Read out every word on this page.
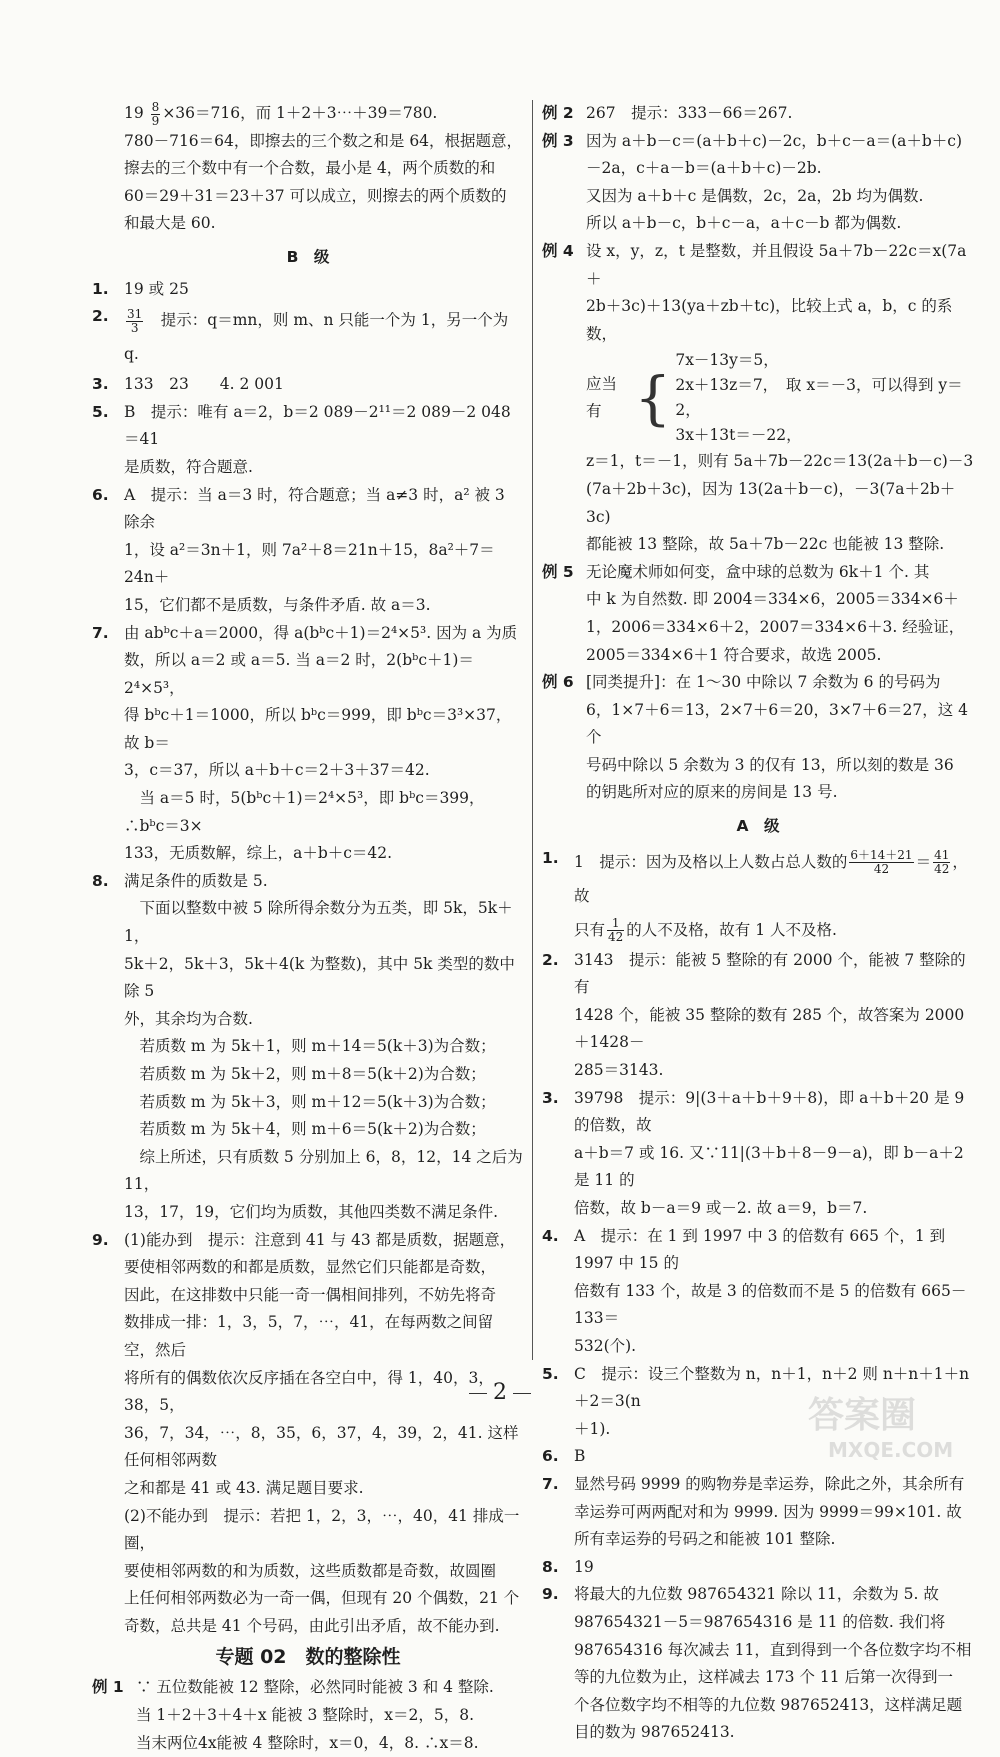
$19 \frac{8}{9} \times 36=716$，而 1＋2＋3⋯＋39＝780.

780－716＝64，即擦去的三个数之和是 64，根据题意，

擦去的三个数中有一个合数，最小是 4，两个质数的和

60＝29＋31＝23＋37 可以成立，则擦去的两个质数的

和最大是 60.

B　级

1. 19 或 25

2.	$\frac{31}{3}$
　 提示：q＝mn，则 m、n 只能一个为 1，另一个为 q.

3. 133　23　　4. 2 001

5. B　提示：唯有 a＝2，b＝2 089－2¹¹＝2 089－2 048＝41

是质数，符合题意.

6. A　提示：当 a＝3 时，符合题意；当 a≠3 时，a² 被 3 除余

1，设 a²＝3n＋1，则 7a²＋8＝21n＋15，8a²＋7＝24n＋

15，它们都不是质数，与条件矛盾. 故 a＝3.

7. 由 abᵇc＋a＝2000，得 a(bᵇc＋1)＝2⁴×5³. 因为 a 为质

数，所以 a＝2 或 a＝5. 当 a＝2 时，2(bᵇc＋1)＝2⁴×5³，

得 bᵇc＋1＝1000，所以 bᵇc＝999，即 bᵇc＝3³×37，故 b＝

3，c＝37，所以 a＋b＋c＝2＋3＋37＝42.

　当 a＝5 时，5(bᵇc＋1)＝2⁴×5³，即 bᵇc＝399，∴bᵇc＝3×

133，无质数解，综上，a＋b＋c＝42.

8. 满足条件的质数是 5.

　下面以整数中被 5 除所得余数分为五类，即 5k，5k＋1，

5k＋2，5k＋3，5k＋4(k 为整数)，其中 5k 类型的数中除 5

外，其余均为合数.

　若质数 m 为 5k＋1，则 m＋14＝5(k＋3)为合数；

　若质数 m 为 5k＋2，则 m＋8＝5(k＋2)为合数；

　若质数 m 为 5k＋3，则 m＋12＝5(k＋3)为合数；

　若质数 m 为 5k＋4，则 m＋6＝5(k＋2)为合数；

　综上所述，只有质数 5 分别加上 6，8，12，14 之后为 11，

13，17，19，它们均为质数，其他四类数不满足条件.

9. (1)能办到　提示：注意到 41 与 43 都是质数，据题意，

要使相邻两数的和都是质数，显然它们只能都是奇数，

因此，在这排数中只能一奇一偶相间排列，不妨先将奇

数排成一排：1，3，5，7，⋯，41，在每两数之间留空，然后

将所有的偶数依次反序插在各空白中，得 1，40，3，38，5，

36，7，34，⋯，8，35，6，37，4，39，2，41. 这样任何相邻两数

之和都是 41 或 43. 满足题目要求.

(2)不能办到　提示：若把 1，2，3，⋯，40，41 排成一圈，

要使相邻两数的和为质数，这些质数都是奇数，故圆圈

上任何相邻两数必为一奇一偶，但现有 20 个偶数，21 个

奇数，总共是 41 个号码，由此引出矛盾，故不能办到.

专题 02　数的整除性

例 1 ∵ 五位数能被 12 整除，必然同时能被 3 和 4 整除.

当 1＋2＋3＋4＋x 能被 3 整除时，x＝2，5，8.

当末两位4x能被 4 整除时，x＝0，4，8. ∴x＝8.

例 2 267　提示：333－66＝267.

例 3 因为 a＋b－c＝(a＋b＋c)－2c，b＋c－a＝(a＋b＋c)

－2a，c＋a－b＝(a＋b＋c)－2b.

又因为 a＋b＋c 是偶数，2c，2a，2b 均为偶数.

所以 a＋b－c，b＋c－a，a＋c－b 都为偶数.

例 4 设 x，y，z，t 是整数，并且假设 5a＋7b－22c＝x(7a＋

2b＋3c)＋13(ya＋zb＋tc)，比较上式 a，b，c 的系数，

应当有 {

7x－13y＝5，

2x＋13z＝7，　取 x＝－3，可以得到 y＝2，

3x＋13t＝－22，

z＝1，t＝－1，则有 5a＋7b－22c＝13(2a＋b－c)－3

(7a＋2b＋3c)，因为 13(2a＋b－c)，－3(7a＋2b＋3c)

都能被 13 整除，故 5a＋7b－22c 也能被 13 整除.

例 5 无论魔术师如何变，盒中球的总数为 6k＋1 个. 其

中 k 为自然数. 即 2004＝334×6，2005＝334×6＋

1，2006＝334×6＋2，2007＝334×6＋3. 经验证，

2005＝334×6＋1 符合要求，故选 2005.

例 6 [同类提升]：在 1～30 中除以 7 余数为 6 的号码为

6，1×7＋6＝13，2×7＋6＝20，3×7＋6＝27，这 4 个

号码中除以 5 余数为 3 的仅有 13，所以刻的数是 36

的钥匙所对应的原来的房间是 13 号.

A　级

1. 1　提示：因为及格以上人数占总人数的 $\frac{6+14+21}{42} = \frac{41}{42}$ ，故

只有 $\frac{1}{42}$ 的人不及格，故有 1 人不及格.

2. 3143　提示：能被 5 整除的有 2000 个，能被 7 整除的有

1428 个，能被 35 整除的数有 285 个，故答案为 2000＋1428－

285＝3143.

3. 39798　提示：9|(3＋a＋b＋9＋8)，即 a＋b＋20 是 9 的倍数，故

a＋b＝7 或 16. 又∵11|(3＋b＋8－9－a)，即 b－a＋2 是 11 的

倍数，故 b－a＝9 或－2. 故 a＝9，b＝7.

4. A　提示：在 1 到 1997 中 3 的倍数有 665 个，1 到 1997 中 15 的

倍数有 133 个，故是 3 的倍数而不是 5 的倍数有 665－133＝

532(个).

5. C　提示：设三个整数为 n，n＋1，n＋2 则 n＋n＋1＋n＋2＝3(n

＋1).

6. B

7. 显然号码 9999 的购物券是幸运券，除此之外，其余所有

幸运券可两两配对和为 9999. 因为 9999＝99×101. 故

所有幸运券的号码之和能被 101 整除.

8. 19

9. 将最大的九位数 987654321 除以 11，余数为 5. 故

987654321－5＝987654316 是 11 的倍数. 我们将

987654316 每次减去 11，直到得到一个各位数字均不相

等的九位数为止，这样减去 173 个 11 后第一次得到一

个各位数字均不相等的九位数 987652413，这样满足题

目的数为 987652413.

2
答案圈
MXQE.COM
